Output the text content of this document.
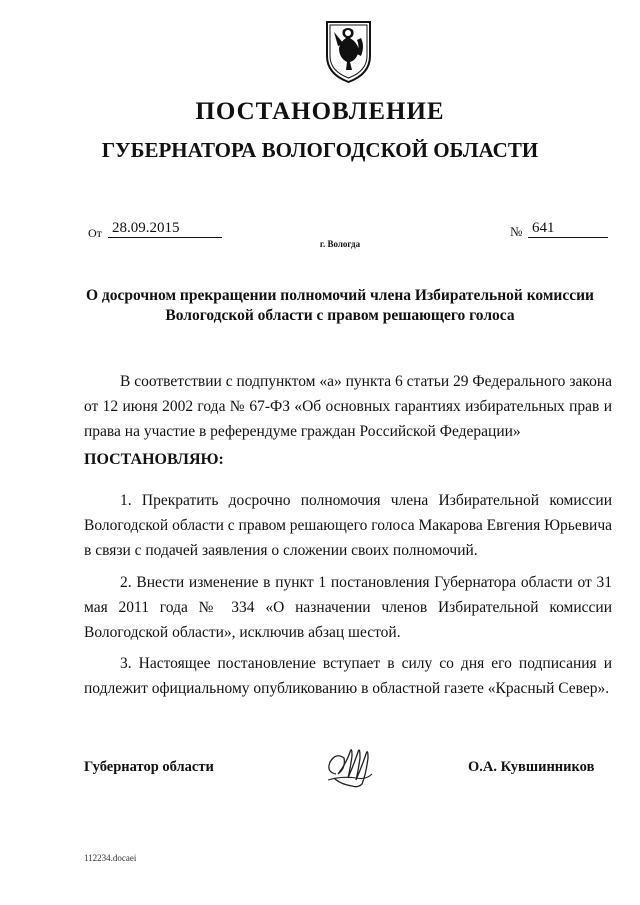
ПОСТАНОВЛЕНИЕ
ГУБЕРНАТОРА ВОЛОГОДСКОЙ ОБЛАСТИ
От 28.09.2015	№ 641
г. Вологда
О досрочном прекращении полномочий члена Избирательной комиссии Вологодской области с правом решающего голоса

В соответствии с подпунктом «а» пункта 6 статьи 29 Федерального закона от 12 июня 2002 года № 67-ФЗ «Об основных гарантиях избирательных прав и права на участие в референдуме граждан Российской Федерации»

ПОСТАНОВЛЯЮ:

1. Прекратить досрочно полномочия члена Избирательной комиссии Вологодской области с правом решающего голоса Макарова Евгения Юрьевича в связи с подачей заявления о сложении своих полномочий.

2. Внести изменение в пункт 1 постановления Губернатора области от 31 мая 2011 года № 334 «О назначении членов Избирательной комиссии Вологодской области», исключив абзац шестой.

3. Настоящее постановление вступает в силу со дня его подписания и подлежит официальному опубликованию в областной газете «Красный Север».

Губернатор области	О.А. Кувшинников
112234.docaei
